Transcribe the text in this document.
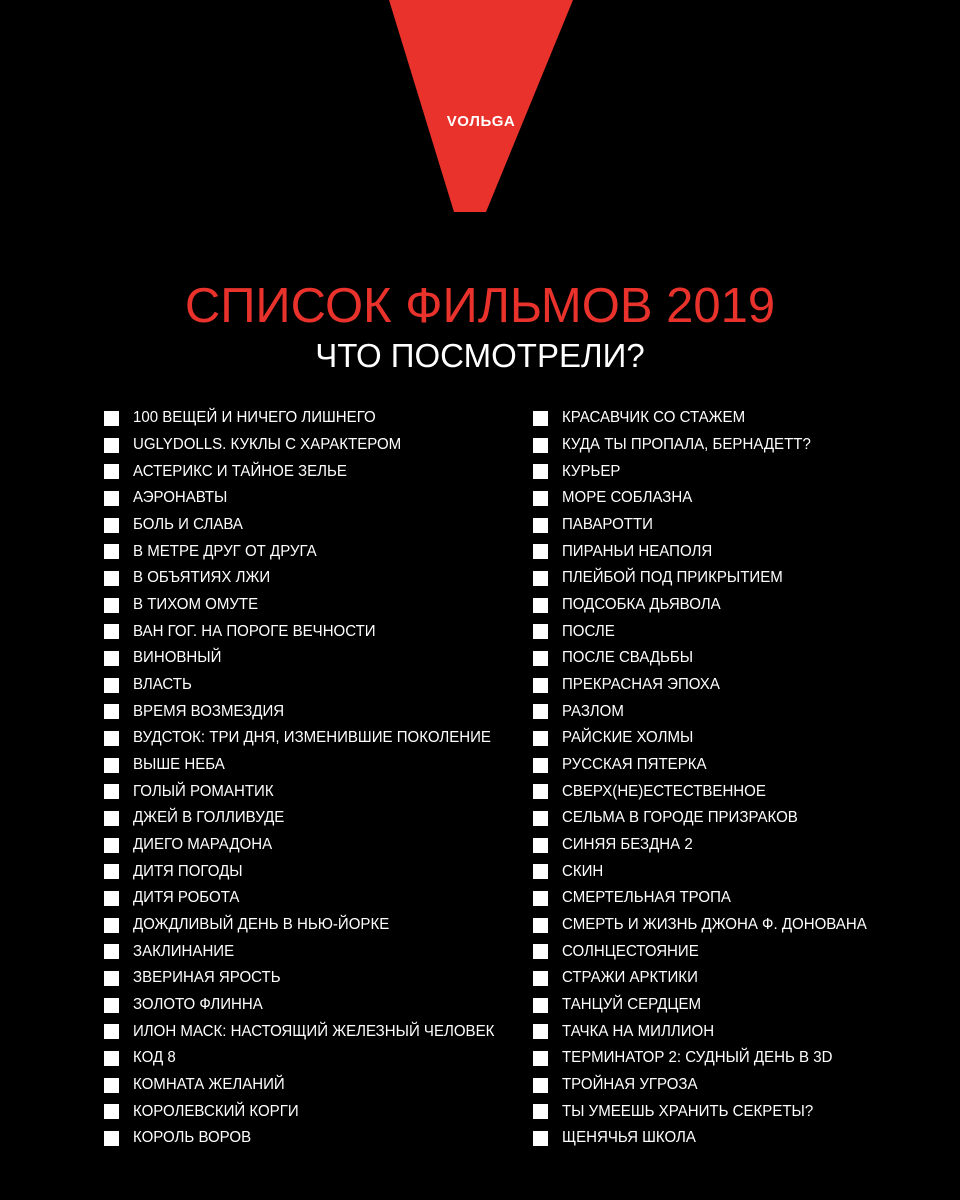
VOЛЬGA
СПИСОК ФИЛЬМОВ 2019
ЧТО ПОСМОТРЕЛИ?
100 ВЕЩЕЙ И НИЧЕГО ЛИШНЕГО
UGLYDOLLS. КУКЛЫ С ХАРАКТЕРОМ
АСТЕРИКС И ТАЙНОЕ ЗЕЛЬЕ
АЭРОНАВТЫ
БОЛЬ И СЛАВА
В МЕТРЕ ДРУГ ОТ ДРУГА
В ОБЪЯТИЯХ ЛЖИ
В ТИХОМ ОМУТЕ
ВАН ГОГ. НА ПОРОГЕ ВЕЧНОСТИ
ВИНОВНЫЙ
ВЛАСТЬ
ВРЕМЯ ВОЗМЕЗДИЯ
ВУДСТОК: ТРИ ДНЯ, ИЗМЕНИВШИЕ ПОКОЛЕНИЕ
ВЫШЕ НЕБА
ГОЛЫЙ РОМАНТИК
ДЖЕЙ В ГОЛЛИВУДЕ
ДИЕГО МАРАДОНА
ДИТЯ ПОГОДЫ
ДИТЯ РОБОТА
ДОЖДЛИВЫЙ ДЕНЬ В НЬЮ-ЙОРКЕ
ЗАКЛИНАНИЕ
ЗВЕРИНАЯ ЯРОСТЬ
ЗОЛОТО ФЛИННА
ИЛОН МАСК: НАСТОЯЩИЙ ЖЕЛЕЗНЫЙ ЧЕЛОВЕК
КОД 8
КОМНАТА ЖЕЛАНИЙ
КОРОЛЕВСКИЙ КОРГИ
КОРОЛЬ ВОРОВ
КРАСАВЧИК СО СТАЖЕМ
КУДА ТЫ ПРОПАЛА, БЕРНАДЕТТ?
КУРЬЕР
МОРЕ СОБЛАЗНА
ПАВАРОТТИ
ПИРАНЬИ НЕАПОЛЯ
ПЛЕЙБОЙ ПОД ПРИКРЫТИЕМ
ПОДСОБКА ДЬЯВОЛА
ПОСЛЕ
ПОСЛЕ СВАДЬБЫ
ПРЕКРАСНАЯ ЭПОХА
РАЗЛОМ
РАЙСКИЕ ХОЛМЫ
РУССКАЯ ПЯТЕРКА
СВЕРХ(НЕ)ЕСТЕСТВЕННОЕ
СЕЛЬМА В ГОРОДЕ ПРИЗРАКОВ
СИНЯЯ БЕЗДНА 2
СКИН
СМЕРТЕЛЬНАЯ ТРОПА
СМЕРТЬ И ЖИЗНЬ ДЖОНА Ф. ДОНОВАНА
СОЛНЦЕСТОЯНИЕ
СТРАЖИ АРКТИКИ
ТАНЦУЙ СЕРДЦЕМ
ТАЧКА НА МИЛЛИОН
ТЕРМИНАТОР 2: СУДНЫЙ ДЕНЬ В 3D
ТРОЙНАЯ УГРОЗА
ТЫ УМЕЕШЬ ХРАНИТЬ СЕКРЕТЫ?
ЩЕНЯЧЬЯ ШКОЛА
